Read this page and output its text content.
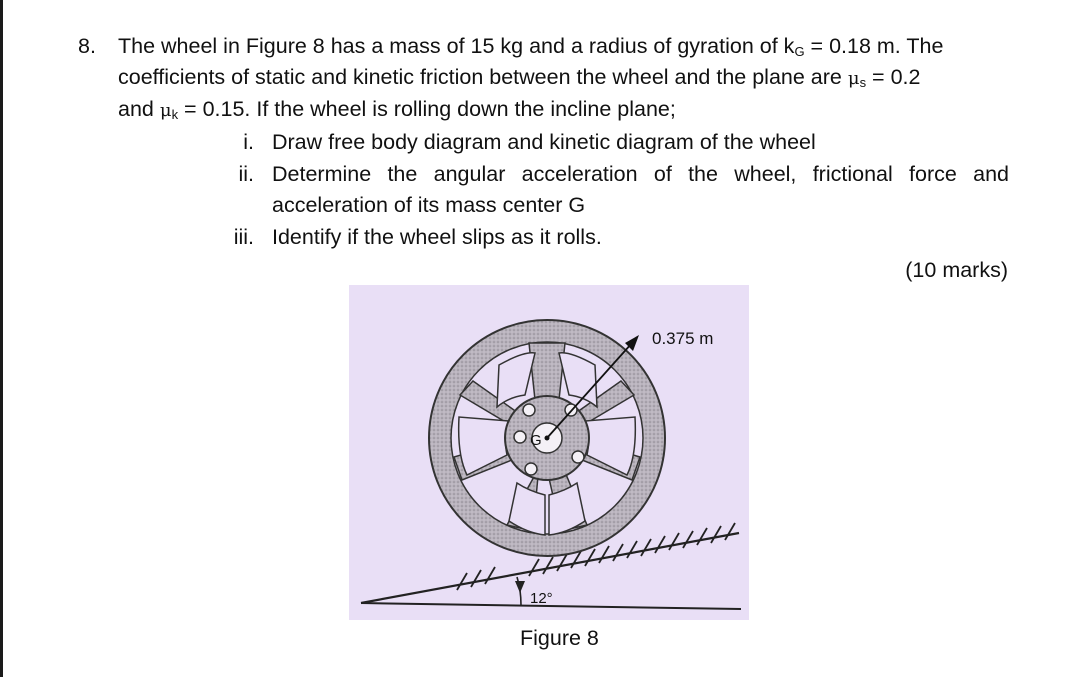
8. The wheel in Figure 8 has a mass of 15 kg and a radius of gyration of $k_G = 0.18$ m. The
coefficients of static and kinetic friction between the wheel and the plane are $\mu_s = 0.2$
and $\mu_k = 0.15$. If the wheel is rolling down the incline plane;
i. Draw free body diagram and kinetic diagram of the wheel
ii. Determine the angular acceleration of the wheel, frictional force and
acceleration of its mass center G
iii. Identify if the wheel slips as it rolls.
(10 marks)
12°
G
0.375 m
Figure 8
